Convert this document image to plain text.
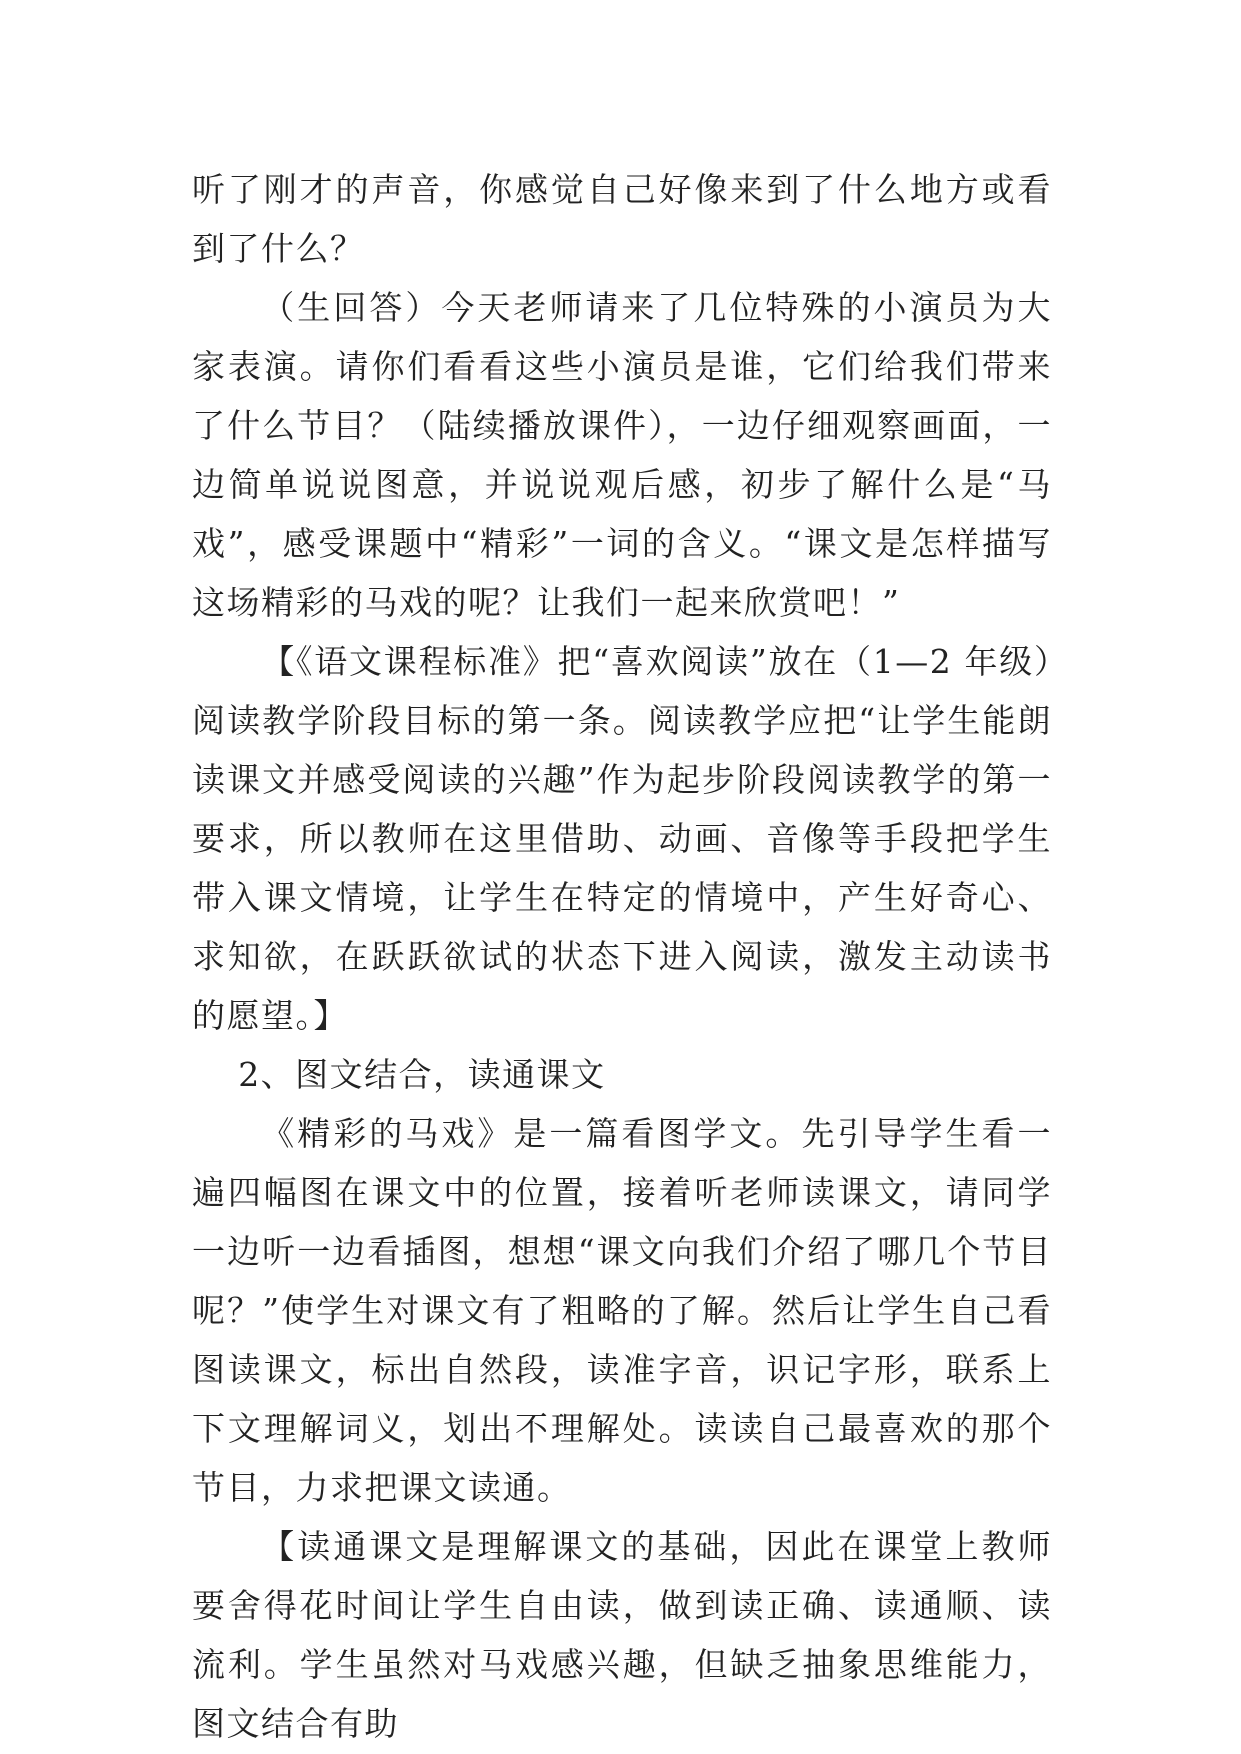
听了刚才的声音，你感觉自己好像来到了什么地方或看到了什么？

（生回答）今天老师请来了几位特殊的小演员为大家表演。请你们看看这些小演员是谁，它们给我们带来了什么节目？（陆续播放课件），一边仔细观察画面，一边简单说说图意，并说说观后感，初步了解什么是“马戏”，感受课题中“精彩”一词的含义。“课文是怎样描写这场精彩的马戏的呢？让我们一起来欣赏吧！”

【《语文课程标准》把“喜欢阅读”放在（1—2 年级）阅读教学阶段目标的第一条。阅读教学应把“让学生能朗读课文并感受阅读的兴趣”作为起步阶段阅读教学的第一要求，所以教师在这里借助、动画、音像等手段把学生带入课文情境，让学生在特定的情境中，产生好奇心、求知欲，在跃跃欲试的状态下进入阅读，激发主动读书的愿望。】

2、图文结合，读通课文

《精彩的马戏》是一篇看图学文。先引导学生看一遍四幅图在课文中的位置，接着听老师读课文，请同学一边听一边看插图，想想“课文向我们介绍了哪几个节目呢？”使学生对课文有了粗略的了解。然后让学生自己看图读课文，标出自然段，读准字音，识记字形，联系上下文理解词义，划出不理解处。读读自己最喜欢的那个节目，力求把课文读通。

【读通课文是理解课文的基础，因此在课堂上教师要舍得花时间让学生自由读，做到读正确、读通顺、读流利。学生虽然对马戏感兴趣，但缺乏抽象思维能力，图文结合有助
